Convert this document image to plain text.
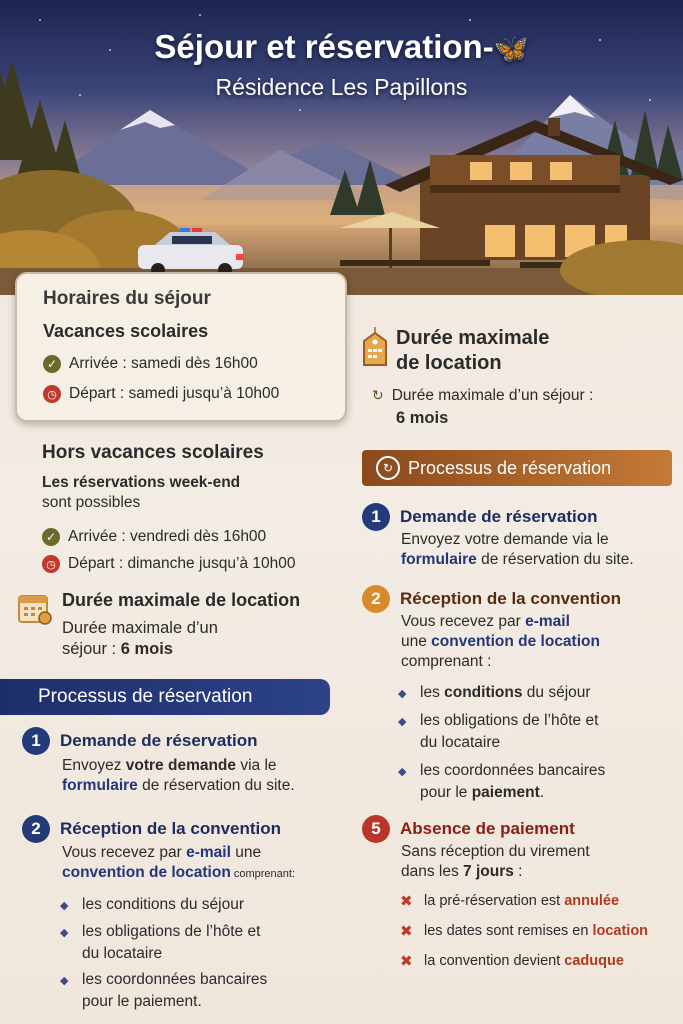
Séjour et réservation-🦋
Résidence Les Papillons
Horaires du séjour
Vacances scolaires
✓ Arrivée : samedi dès 16h00
◷ Départ : samedi jusqu’à 10h00
Hors vacances scolaires
Les réservations week-end
sont possibles
✓ Arrivée : vendredi dès 16h00
◷ Départ : dimanche jusqu’à 10h00
Durée maximale de location
Durée maximale d’un
séjour : 6 mois
Processus de réservation
1	Demande de réservation
Envoyez votre demande via le
formulaire de réservation du site.
2	Réception de la convention
Vous recevez par e-mail une
convention de location comprenant:
◆ les conditions du séjour
◆ les obligations de l’hôte et
du locataire
◆ les coordonnées bancaires
pour le paiement.
Durée maximale
de location
↻ Durée maximale d’un séjour :
6 mois
↻ Processus de réservation
1	Demande de réservation
Envoyez votre demande via le
formulaire de réservation du site.
2	Réception de la convention
Vous recevez par e-mail
une convention de location
comprenant :
◆ les conditions du séjour
◆ les obligations de l’hôte et
du locataire
◆ les coordonnées bancaires
pour le paiement.
5	Absence de paiement
Sans réception du virement
dans les 7 jours :
✖ la pré-réservation est annulée
✖ les dates sont remises en location
✖ la convention devient caduque
